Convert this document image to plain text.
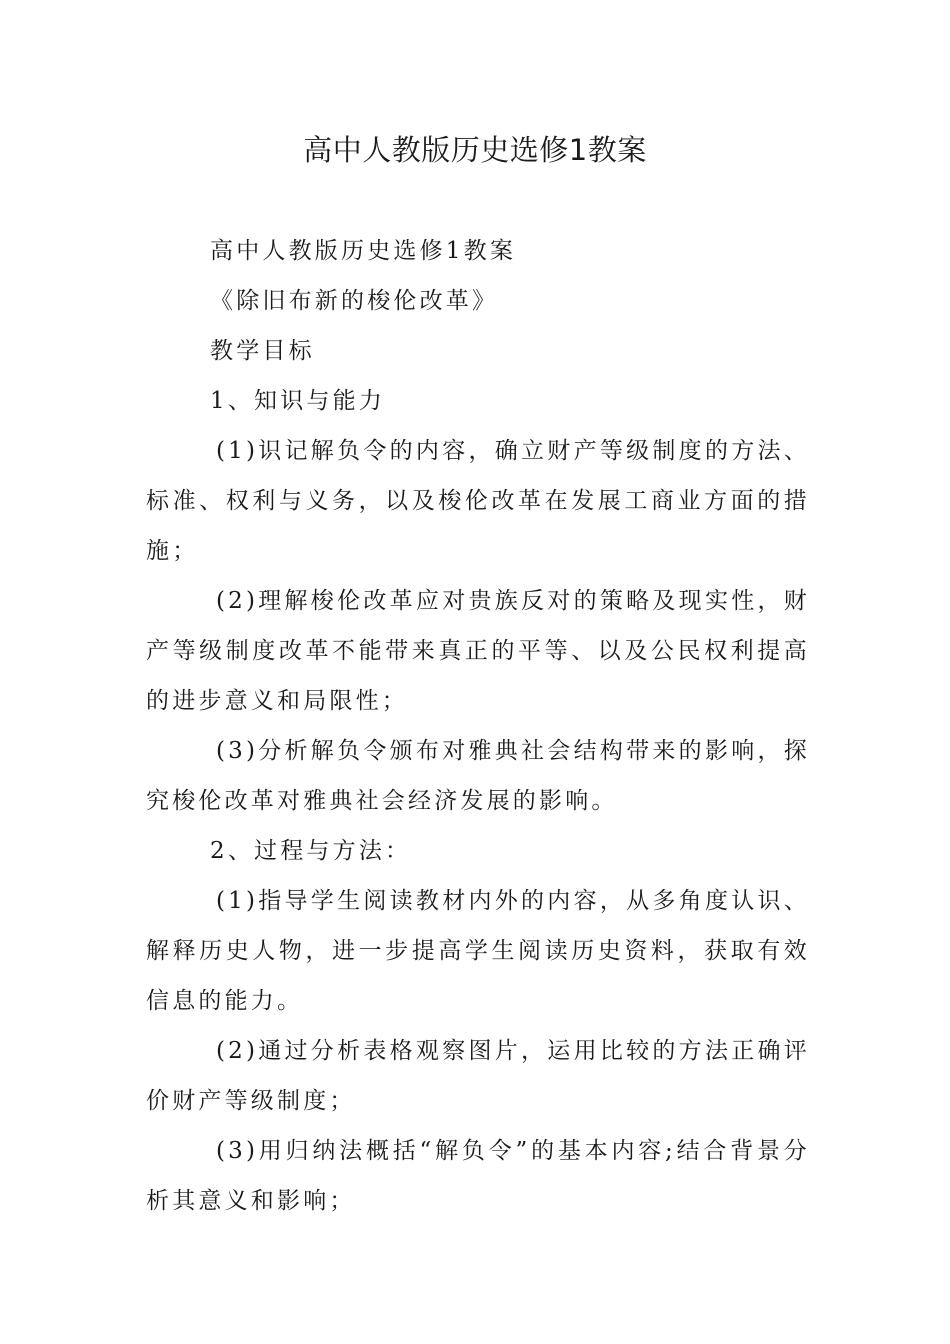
高中人教版历史选修1教案

高中人教版历史选修1教案

《除旧布新的梭伦改革》

教学目标

1、知识与能力

(1)识记解负令的内容，确立财产等级制度的方法、标准、权利与义务，以及梭伦改革在发展工商业方面的措施；

(2)理解梭伦改革应对贵族反对的策略及现实性，财产等级制度改革不能带来真正的平等、以及公民权利提高的进步意义和局限性；

(3)分析解负令颁布对雅典社会结构带来的影响，探究梭伦改革对雅典社会经济发展的影响。

2、过程与方法：

(1)指导学生阅读教材内外的内容，从多角度认识、解释历史人物，进一步提高学生阅读历史资料，获取有效信息的能力。

(2)通过分析表格观察图片，运用比较的方法正确评价财产等级制度；

(3)用归纳法概括“解负令”的基本内容;结合背景分析其意义和影响；
